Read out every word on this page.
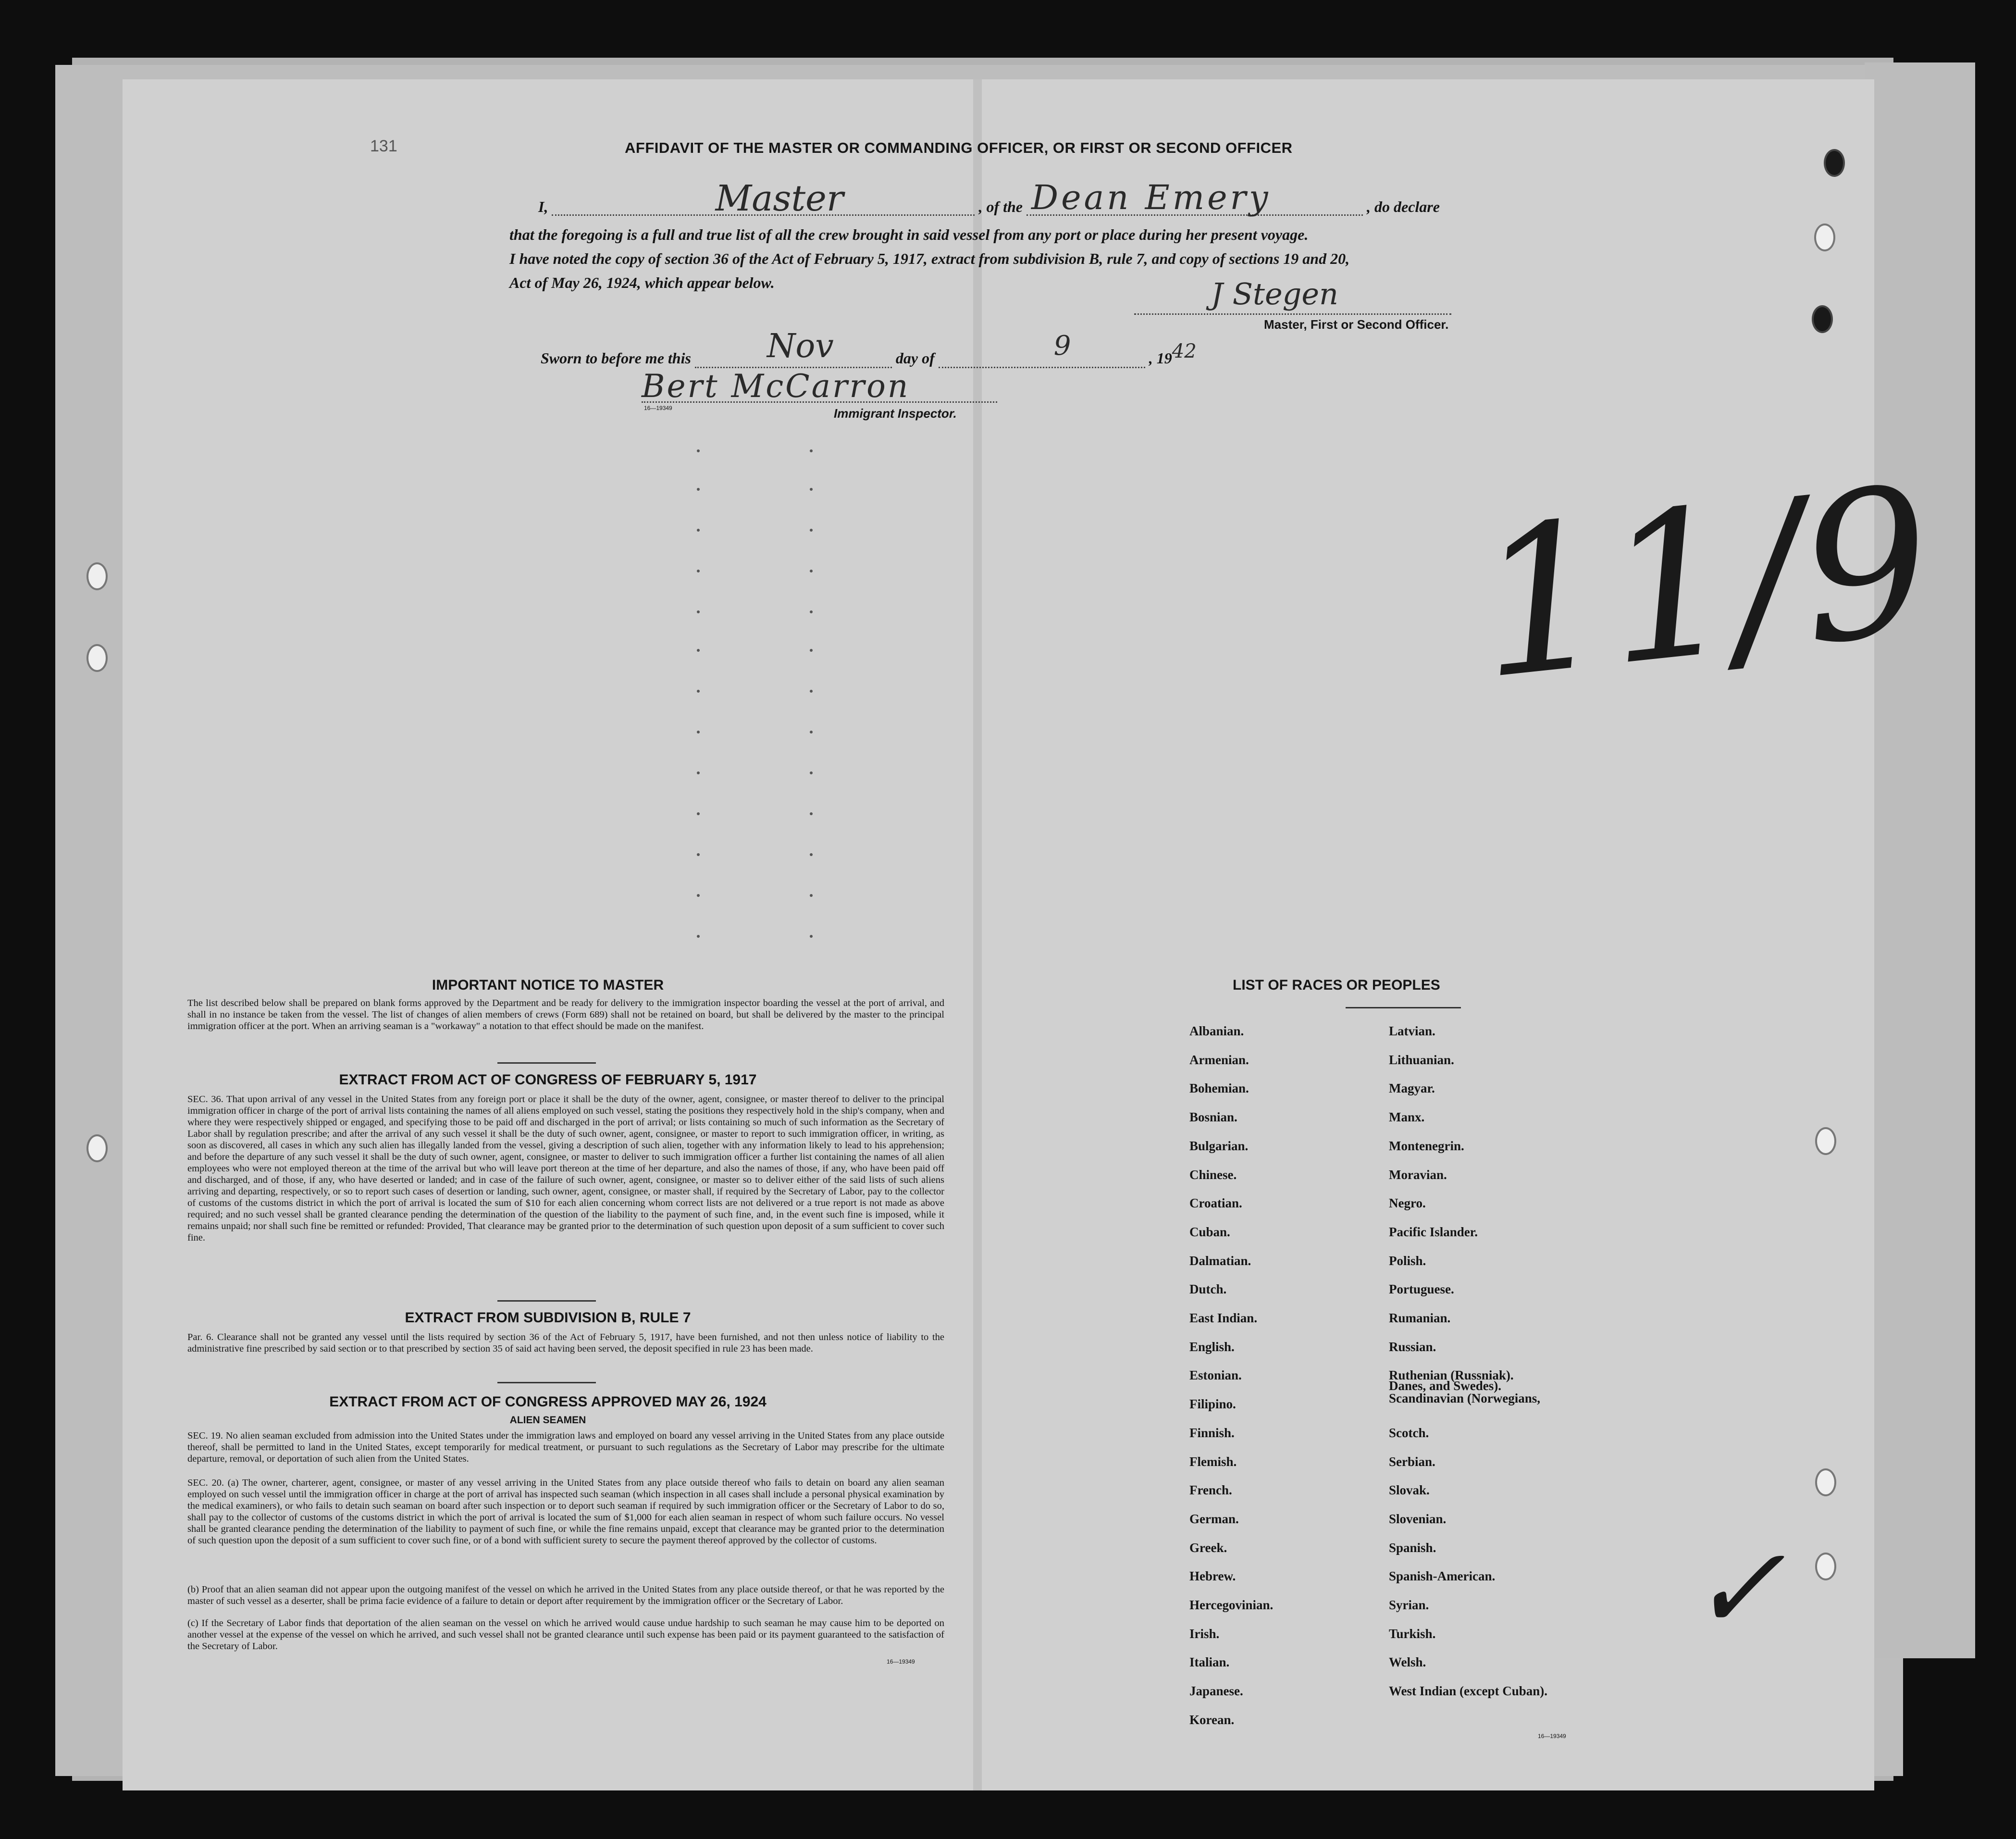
131	AFFIDAVIT OF THE MASTER OR COMMANDING OFFICER, OR FIRST OR SECOND OFFICER
I,	Master	, of the Dean Emery	, do declare
that the foregoing is a full and true list of all the crew brought in said vessel from any port or place during her present voyage.
I have noted the copy of section 36 of the Act of February 5, 1917, extract from subdivision B, rule 7, and copy of sections 19 and 20,
Act of May 26, 1924, which appear below.	J Stegen
Master, First or Second Officer.
Sworn to before me this Nov	day of	9	, 1942
Bert McCarron
16—19349	Immigrant Inspector.
11/9
✓
IMPORTANT NOTICE TO MASTER
The list described below shall be prepared on blank forms approved by the Department and be ready for delivery to the immigration inspector boarding the vessel at the port of arrival, and shall in no instance be taken from the vessel. The list of changes of alien members of crews (Form 689) shall not be retained on board, but shall be delivered by the master to the principal immigration officer at the port. When an arriving seaman is a "workaway" a notation to that effect should be made on the manifest.
EXTRACT FROM ACT OF CONGRESS OF FEBRUARY 5, 1917
SEC. 36. That upon arrival of any vessel in the United States from any foreign port or place it shall be the duty of the owner, agent, consignee, or master thereof to deliver to the principal immigration officer in charge of the port of arrival lists containing the names of all aliens employed on such vessel, stating the positions they respectively hold in the ship's company, when and where they were respectively shipped or engaged, and specifying those to be paid off and discharged in the port of arrival; or lists containing so much of such information as the Secretary of Labor shall by regulation prescribe; and after the arrival of any such vessel it shall be the duty of such owner, agent, consignee, or master to report to such immigration officer, in writing, as soon as discovered, all cases in which any such alien has illegally landed from the vessel, giving a description of such alien, together with any information likely to lead to his apprehension; and before the departure of any such vessel it shall be the duty of such owner, agent, consignee, or master to deliver to such immigration officer a further list containing the names of all alien employees who were not employed thereon at the time of the arrival but who will leave port thereon at the time of her departure, and also the names of those, if any, who have been paid off and discharged, and of those, if any, who have deserted or landed; and in case of the failure of such owner, agent, consignee, or master so to deliver either of the said lists of such aliens arriving and departing, respectively, or so to report such cases of desertion or landing, such owner, agent, consignee, or master shall, if required by the Secretary of Labor, pay to the collector of customs of the customs district in which the port of arrival is located the sum of $10 for each alien concerning whom correct lists are not delivered or a true report is not made as above required; and no such vessel shall be granted clearance pending the determination of the question of the liability to the payment of such fine, and, in the event such fine is imposed, while it remains unpaid; nor shall such fine be remitted or refunded: Provided, That clearance may be granted prior to the determination of such question upon deposit of a sum sufficient to cover such fine.
EXTRACT FROM SUBDIVISION B, RULE 7
Par. 6. Clearance shall not be granted any vessel until the lists required by section 36 of the Act of February 5, 1917, have been furnished, and not then unless notice of liability to the administrative fine prescribed by said section or to that prescribed by section 35 of said act having been served, the deposit specified in rule 23 has been made.
EXTRACT FROM ACT OF CONGRESS APPROVED MAY 26, 1924
ALIEN SEAMEN
SEC. 19. No alien seaman excluded from admission into the United States under the immigration laws and employed on board any vessel arriving in the United States from any place outside thereof, shall be permitted to land in the United States, except temporarily for medical treatment, or pursuant to such regulations as the Secretary of Labor may prescribe for the ultimate departure, removal, or deportation of such alien from the United States.
SEC. 20. (a) The owner, charterer, agent, consignee, or master of any vessel arriving in the United States from any place outside thereof who fails to detain on board any alien seaman employed on such vessel until the immigration officer in charge at the port of arrival has inspected such seaman (which inspection in all cases shall include a personal physical examination by the medical examiners), or who fails to detain such seaman on board after such inspection or to deport such seaman if required by such immigration officer or the Secretary of Labor to do so, shall pay to the collector of customs of the customs district in which the port of arrival is located the sum of $1,000 for each alien seaman in respect of whom such failure occurs. No vessel shall be granted clearance pending the determination of the liability to payment of such fine, or while the fine remains unpaid, except that clearance may be granted prior to the determination of such question upon the deposit of a sum sufficient to cover such fine, or of a bond with sufficient surety to secure the payment thereof approved by the collector of customs.
(b) Proof that an alien seaman did not appear upon the outgoing manifest of the vessel on which he arrived in the United States from any place outside thereof, or that he was reported by the master of such vessel as a deserter, shall be prima facie evidence of a failure to detain or deport after requirement by the immigration officer or the Secretary of Labor.
(c) If the Secretary of Labor finds that deportation of the alien seaman on the vessel on which he arrived would cause undue hardship to such seaman he may cause him to be deported on another vessel at the expense of the vessel on which he arrived, and such vessel shall not be granted clearance until such expense has been paid or its payment guaranteed to the satisfaction of the Secretary of Labor.
16—19349
LIST OF RACES OR PEOPLES
16—19349
Albanian.
Armenian.
Bohemian.
Bosnian.
Bulgarian.
Chinese.
Croatian.
Cuban.
Dalmatian.
Dutch.
East Indian.
English.
Estonian.
Filipino.
Finnish.
Flemish.
French.
German.
Greek.
Hebrew.
Hercegovinian.
Irish.
Italian.
Japanese.
Korean.
Latvian.
Lithuanian.
Magyar.
Manx.
Montenegrin.
Moravian.
Negro.
Pacific Islander.
Polish.
Portuguese.
Rumanian.
Russian.
Ruthenian (Russniak).
Scandinavian (Norwegians,
Danes, and Swedes).
Scotch.
Serbian.
Slovak.
Slovenian.
Spanish.
Spanish-American.
Syrian.
Turkish.
Welsh.
West Indian (except Cuban).
